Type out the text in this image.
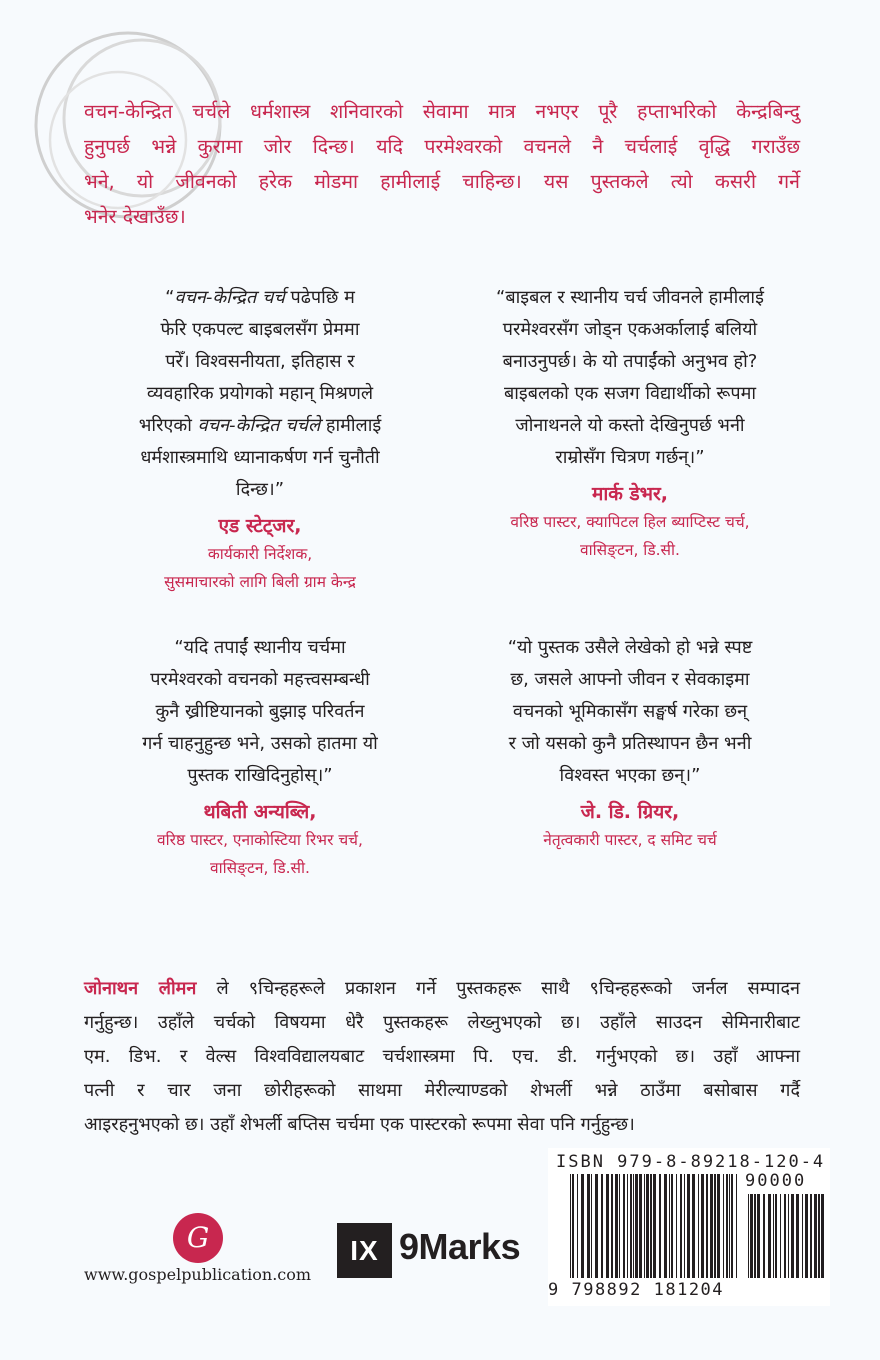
वचन-केन्द्रित चर्चले धर्मशास्त्र शनिवारको सेवामा मात्र नभएर पूरै हप्ताभरिको केन्द्रबिन्दु
हुनुपर्छ भन्ने कुरामा जोर दिन्छ। यदि परमेश्वरको वचनले नै चर्चलाई वृद्धि गराउँछ
भने, यो जीवनको हरेक मोडमा हामीलाई चाहिन्छ। यस पुस्तकले त्यो कसरी गर्ने
भनेर देखाउँछ।

“वचन-केन्द्रित चर्च पढेपछि म
फेरि एकपल्ट बाइबलसँग प्रेममा
परेँ। विश्वसनीयता, इतिहास र
व्यवहारिक प्रयोगको महान् मिश्रणले
भरिएको वचन-केन्द्रित चर्चले हामीलाई
धर्मशास्त्रमाथि ध्यानाकर्षण गर्न चुनौती
दिन्छ।”
एड स्टेट्जर,
कार्यकारी निर्देशक,
सुसमाचारको लागि बिली ग्राम केन्द्र
“बाइबल र स्थानीय चर्च जीवनले हामीलाई
परमेश्वरसँग जोड्न एकअर्कालाई बलियो
बनाउनुपर्छ। के यो तपाईंको अनुभव हो?
बाइबलको एक सजग विद्यार्थीको रूपमा
जोनाथनले यो कस्तो देखिनुपर्छ भनी
राम्रोसँग चित्रण गर्छन्।”
मार्क डेभर,
वरिष्ठ पास्टर, क्यापिटल हिल ब्याप्टिस्ट चर्च,
वासिङ्टन, डि.सी.
“यदि तपाईं स्थानीय चर्चमा
परमेश्वरको वचनको महत्त्वसम्बन्धी
कुनै ख्रीष्टियानको बुझाइ परिवर्तन
गर्न चाहनुहुन्छ भने, उसको हातमा यो
पुस्तक राखिदिनुहोस्।”
थबिती अन्यब्लि,
वरिष्ठ पास्टर, एनाकोस्टिया रिभर चर्च,
वासिङ्टन, डि.सी.
“यो पुस्तक उसैले लेखेको हो भन्ने स्पष्ट
छ, जसले आफ्नो जीवन र सेवकाइमा
वचनको भूमिकासँग सङ्घर्ष गरेका छन्
र जो यसको कुनै प्रतिस्थापन छैन भनी
विश्वस्त भएका छन्।”
जे. डि. ग्रियर,
नेतृत्वकारी पास्टर, द समिट चर्च

जोनाथन लीमन ले ९चिन्हहरूले प्रकाशन गर्ने पुस्तकहरू साथै ९चिन्हहरूको जर्नल सम्पादन
गर्नुहुन्छ। उहाँले चर्चको विषयमा धेरै पुस्तकहरू लेख्नुभएको छ। उहाँले साउदन सेमिनारीबाट
एम. डिभ. र वेल्स विश्वविद्यालयबाट चर्चशास्त्रमा पि. एच. डी. गर्नुभएको छ। उहाँ आफ्ना
पत्नी र चार जना छोरीहरूको साथमा मेरील्याण्डको शेभर्ली भन्ने ठाउँमा बसोबास गर्दै
आइरहनुभएको छ। उहाँ शेभर्ली बप्तिस चर्चमा एक पास्टरको रूपमा सेवा पनि गर्नुहुन्छ।

G
www.gospelpublication.com
IX 9Marks
ISBN 979-8-89218-120-4
90000
9 798892 181204
